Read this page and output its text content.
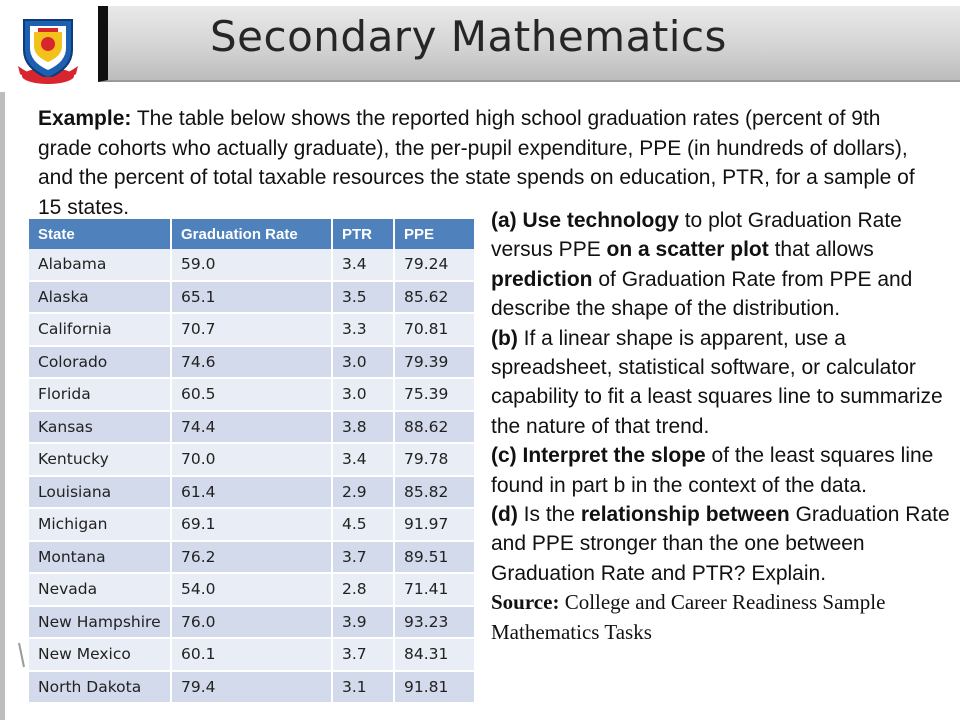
Secondary Mathematics

Example: The table below shows the reported high school graduation rates (percent of 9th grade cohorts who actually graduate), the per-pupil expenditure, PPE (in hundreds of dollars), and the percent of total taxable resources the state spends on education, PTR, for a sample of 15 states.

State	Graduation Rate	PTR	PPE
Alabama	59.0	3.4	79.24
Alaska	65.1	3.5	85.62
California	70.7	3.3	70.81
Colorado	74.6	3.0	79.39
Florida	60.5	3.0	75.39
Kansas	74.4	3.8	88.62
Kentucky	70.0	3.4	79.78
Louisiana	61.4	2.9	85.82
Michigan	69.1	4.5	91.97
Montana	76.2	3.7	89.51
Nevada	54.0	2.8	71.41
New Hampshire	76.0	3.9	93.23
New Mexico	60.1	3.7	84.31
North Dakota	79.4	3.1	91.81

(a) Use technology to plot Graduation Rate versus PPE on a scatter plot that allows prediction of Graduation Rate from PPE and describe the shape of the distribution.

(b) If a linear shape is apparent, use a spreadsheet, statistical software, or calculator capability to fit a least squares line to summarize the nature of that trend.

(c) Interpret the slope of the least squares line found in part b in the context of the data.

(d) Is the relationship between Graduation Rate and PPE stronger than the one between Graduation Rate and PTR? Explain.

Source: College and Career Readiness Sample Mathematics Tasks
